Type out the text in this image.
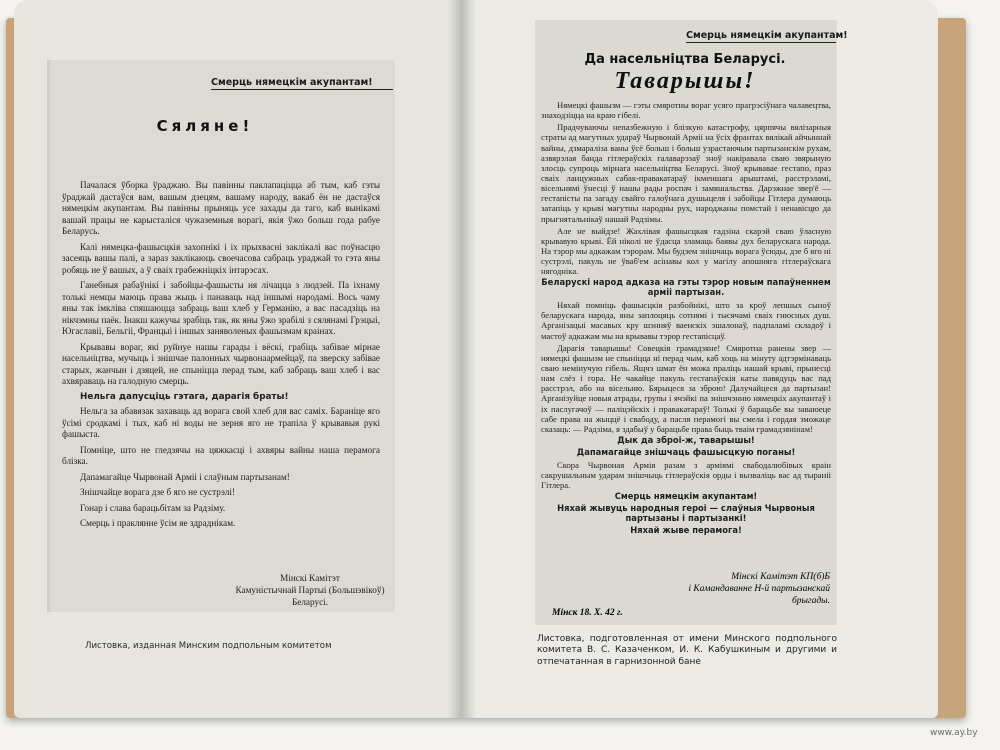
Смерць нямецкім акупантам!
Сяляне!

Пачалася ўборка ўраджаю. Вы павінны паклапаціцца аб тым, каб гэты ўраджай дастаўся вам, вашым дзецям, вашаму народу, вакаб ён не дастаўся нямецкім акупантам. Вы павінны прыняць усе захады да таго, каб вынікамі вашай працы не карысталіся чужаземныя ворагі, якія ўжо больш года рабуе Беларусь.

Калі нямецка-фашысцкія захопнікі і іх прыхвасні заклікалі вас поўнасцю засеяць вашы палі, а зараз заклікаюць своечасова сабраць ураджай то гэта яны робяць не ў вашых, а ў сваіх грабежніцкіх інтарэсах.

Ганебныя рабаўнікі і забойцы-фашысты ня лічацца з людзей. Па іхнаму толькі немцы маюць права жыць і панаваць над іншымі народамі. Вось чаму яны так імкліва спяшаюцца забраць ваш хлеб у Германію, а вас пасадзіць на нікчэмны паёк. Інакш кажучы зрабіць так, як яны ўжо зрабілі з сялянамі Грэцыі, Югаславіі, Бельгіі, Францыі і іншых заняволеных фашызмам краінах.

Крывавы вораг, які руйнуе нашы гарады і вёскі, грабіць забівае мірнае насельніцтва, мучыць і знішчае палонных чырвонаармейцаў, па зверску забівае старых, жанчын і дзяцей, не спыніцца перад тым, каб забраць ваш хлеб і вас ахвяраваць на галодную смерць.

Нельга дапусціць гэтага, дарагія браты!

Нельга за абавязак захаваць ад ворага свой хлеб для вас саміх. Бараніце яго ўсімі сродкамі і тых, каб ні воды не зерня яго не трапіла ў крывавыя рукі фашыста.

Помніце, што не гледзячы на цяжкасці і ахвяры вайны наша перамога блізка.

Дапамагайце Чырвонай Арміі і слаўным партызанам!

Знішчайце ворага дзе б яго не сустрэлі!

Гонар і слава барацьбітам за Радзіму.

Смерць і праклянне ўсім яе здраднікам.

Мінскі Камітэт
Камуністычнай Партыі (Большэвікоў)
Беларусі.
Листовка, изданная Минским подпольным комитетом
Смерць нямецкім акупантам!
Да насельніцтва Беларусі.
Таварышы!

Нямецкі фашызм — гэты смяротны вораг усяго прагрэсіўнага чалавецтва, знаходзіцца на краю гібелі.

Прадчуваючы непазбежную і блізкую катастрофу, цярпячы вялізарныя страты ад магутных удараў Чырвонай Арміі на ўсіх франтах вялікай айчыннай вайны, дзмараліза ваны ўсё больш і больш узрастаючым партызанскім рухам, азвярэлая банда гітлераўскіх галаварэзаў зноў накіравала сваю звярыную злосць супроць мірнага насельніцтва Беларусі. Зноў крывавае гестапо, праз сваіх ланцужных сабак-правакатараў ікменшага арыштамі, расстрэламі, вісельнямі ўнесці ў нашы рады роспач і замяшальства. Дарэжнае звер'ё — гестапісты па загаду свайго галоўнага душыцеля і забойцы Гітлера думаюць затапіць у крыві магутны народны рух, народжаны помстай і ненавісцю да прыгнятальнікаў нашай Радзімы.

Але не выйдзе! Жахлівая фашысцкая гадзіна скарэй сваю ўласную крывавую крыві. Ёй ніколі не ўдасца зламаць баявы дух беларускага народа. На тэрор мы адкажам тэрорам. Мы будзем знішчаць ворага ўсюды, дзе б яго ні сустрэлі, пакуль не ўваб'ем асінавы кол у магілу апошняга гітлераўскага нягодніка.

Беларускі народ адказа на гэты тэрор новым папаўненнем арміі партызан.

Няхай помніць фашысцкія разбойнікі, што за кроў лепшых сыноў беларускага народа, яны заплоцяць сотнямі і тысячамі сваіх гнюсных душ. Арганізацыі масавых кру шэнняў ваенскіх эшалонаў, падпаламі складоў і мастоў адкажам мы на крывавы тэрор гестапісцаў.

Дарагія таварышы! Совецкія грамадзяне! Смяротна ранены звер — нямецкі фашызм не спыніцца ні перад чым, каб хоць на мінуту адтэрмінаваць сваю немінучую гібель. Ящчэ шмат ён можа праліць нашай крыві, прынесці нам слёз і гора. Не чакайце пакуль гестапаўскія каты павядуць вас пад расстрэл, або на вісельню. Бярыцеся за зброю! Далучайцеся да партызан! Арганізуйце новыя атрады, групы і ячэйкі па знішчэнню нямецкіх акупантаў і іх паслугачоў — паліцэйскіх і правакатараў! Толькі ў барацьбе вы заваюеце сабе права на жыццё і свабоду, а пасля перамогі вы смела і гордая зможаце сказаць: — Радзіма, я здабыў у барацьбе права быць тваім грамадзянінам!

Дык да зброі-ж, таварышы!

Дапамагайце знішчаць фашысцкую поганы!

Скора Чырвоная Армія разам з арміямі свабодалюбівых краін сакрушальным ударам знішчыць гітлераўскія орды і вызваліць вас ад тыраніі Гітлера.

Смерць нямецкім акупантам!

Няхай жывуць народныя героі — слаўныя Чырвоныя партызаны і партызанкі!

Няхай жыве перамога!

Мінскі Камітэт КП(б)Б
і Камандаванне Н-й партызанскай
брыгады.
Мінск 18. X. 42 г.
Листовка, подготовленная от имени Минского подпольного комитета В. С. Казаченком, И. К. Кабушкиным и другими и отпечатанная в гарнизонной бане
www.ay.by
